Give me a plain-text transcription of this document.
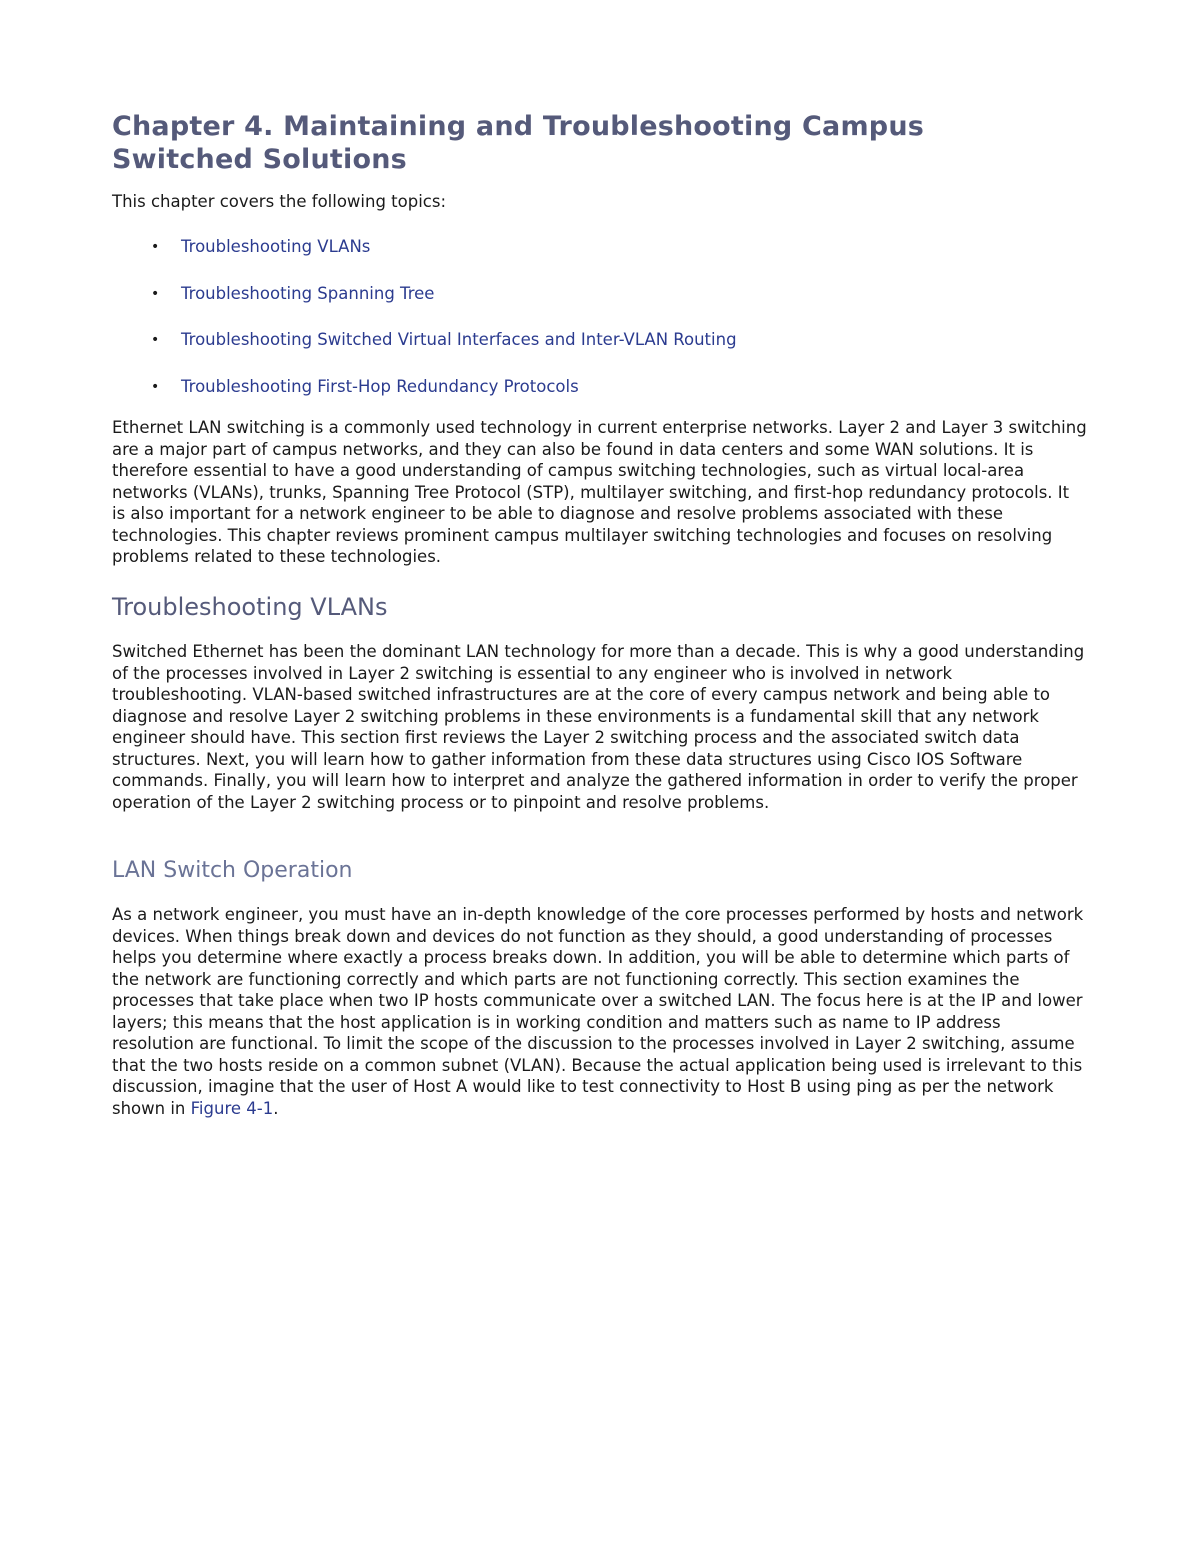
Chapter 4. Maintaining and Troubleshooting Campus Switched Solutions

This chapter covers the following topics:

• Troubleshooting VLANs
• Troubleshooting Spanning Tree
• Troubleshooting Switched Virtual Interfaces and Inter-VLAN Routing
• Troubleshooting First-Hop Redundancy Protocols

Ethernet LAN switching is a commonly used technology in current enterprise networks. Layer 2 and Layer 3 switching are a major part of campus networks, and they can also be found in data centers and some WAN solutions. It is therefore essential to have a good understanding of campus switching technologies, such as virtual local-area networks (VLANs), trunks, Spanning Tree Protocol (STP), multilayer switching, and first-hop redundancy protocols. It is also important for a network engineer to be able to diagnose and resolve problems associated with these technologies. This chapter reviews prominent campus multilayer switching technologies and focuses on resolving problems related to these technologies.

Troubleshooting VLANs

Switched Ethernet has been the dominant LAN technology for more than a decade. This is why a good understanding of the processes involved in Layer 2 switching is essential to any engineer who is involved in network troubleshooting. VLAN-based switched infrastructures are at the core of every campus network and being able to diagnose and resolve Layer 2 switching problems in these environments is a fundamental skill that any network engineer should have. This section first reviews the Layer 2 switching process and the associated switch data structures. Next, you will learn how to gather information from these data structures using Cisco IOS Software commands. Finally, you will learn how to interpret and analyze the gathered information in order to verify the proper operation of the Layer 2 switching process or to pinpoint and resolve problems.

LAN Switch Operation

As a network engineer, you must have an in-depth knowledge of the core processes performed by hosts and network devices. When things break down and devices do not function as they should, a good understanding of processes helps you determine where exactly a process breaks down. In addition, you will be able to determine which parts of the network are functioning correctly and which parts are not functioning correctly. This section examines the processes that take place when two IP hosts communicate over a switched LAN. The focus here is at the IP and lower layers; this means that the host application is in working condition and matters such as name to IP address resolution are functional. To limit the scope of the discussion to the processes involved in Layer 2 switching, assume that the two hosts reside on a common subnet (VLAN). Because the actual application being used is irrelevant to this discussion, imagine that the user of Host A would like to test connectivity to Host B using ping as per the network shown in Figure 4-1.
